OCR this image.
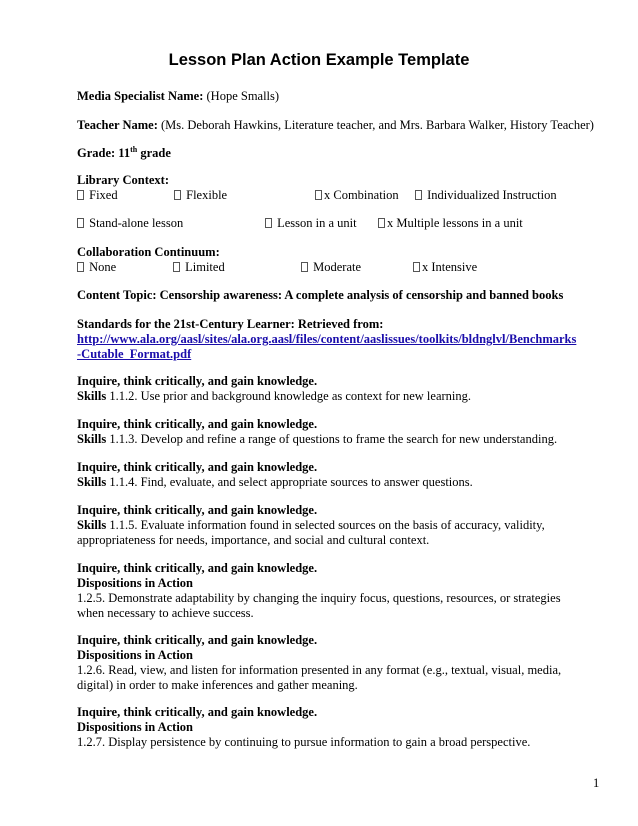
Lesson Plan Action Example Template
Media Specialist Name: (Hope Smalls)
Teacher Name: (Ms. Deborah Hawkins, Literature teacher, and Mrs. Barbara Walker, History Teacher)
Grade: 11th grade
Library Context:
Fixed	Flexible	x Combination	Individualized Instruction
Stand-alone lesson	Lesson in a unit	x Multiple lessons in a unit
Collaboration Continuum:
None	Limited	Moderate	x Intensive
Content Topic: Censorship awareness: A complete analysis of censorship and banned books
Standards for the 21st-Century Learner: Retrieved from:
http://www.ala.org/aasl/sites/ala.org.aasl/files/content/aaslissues/toolkits/bldnglvl/Benchmarks-Cutable_Format.pdf
Inquire, think critically, and gain knowledge.
Skills 1.1.2. Use prior and background knowledge as context for new learning.
Inquire, think critically, and gain knowledge.
Skills 1.1.3. Develop and refine a range of questions to frame the search for new understanding.
Inquire, think critically, and gain knowledge.
Skills 1.1.4. Find, evaluate, and select appropriate sources to answer questions.
Inquire, think critically, and gain knowledge.
Skills 1.1.5. Evaluate information found in selected sources on the basis of accuracy, validity, appropriateness for needs, importance, and social and cultural context.
Inquire, think critically, and gain knowledge.
Dispositions in Action
1.2.5. Demonstrate adaptability by changing the inquiry focus, questions, resources, or strategies when necessary to achieve success.
Inquire, think critically, and gain knowledge.
Dispositions in Action
1.2.6. Read, view, and listen for information presented in any format (e.g., textual, visual, media, digital) in order to make inferences and gather meaning.
Inquire, think critically, and gain knowledge.
Dispositions in Action
1.2.7. Display persistence by continuing to pursue information to gain a broad perspective.
1
